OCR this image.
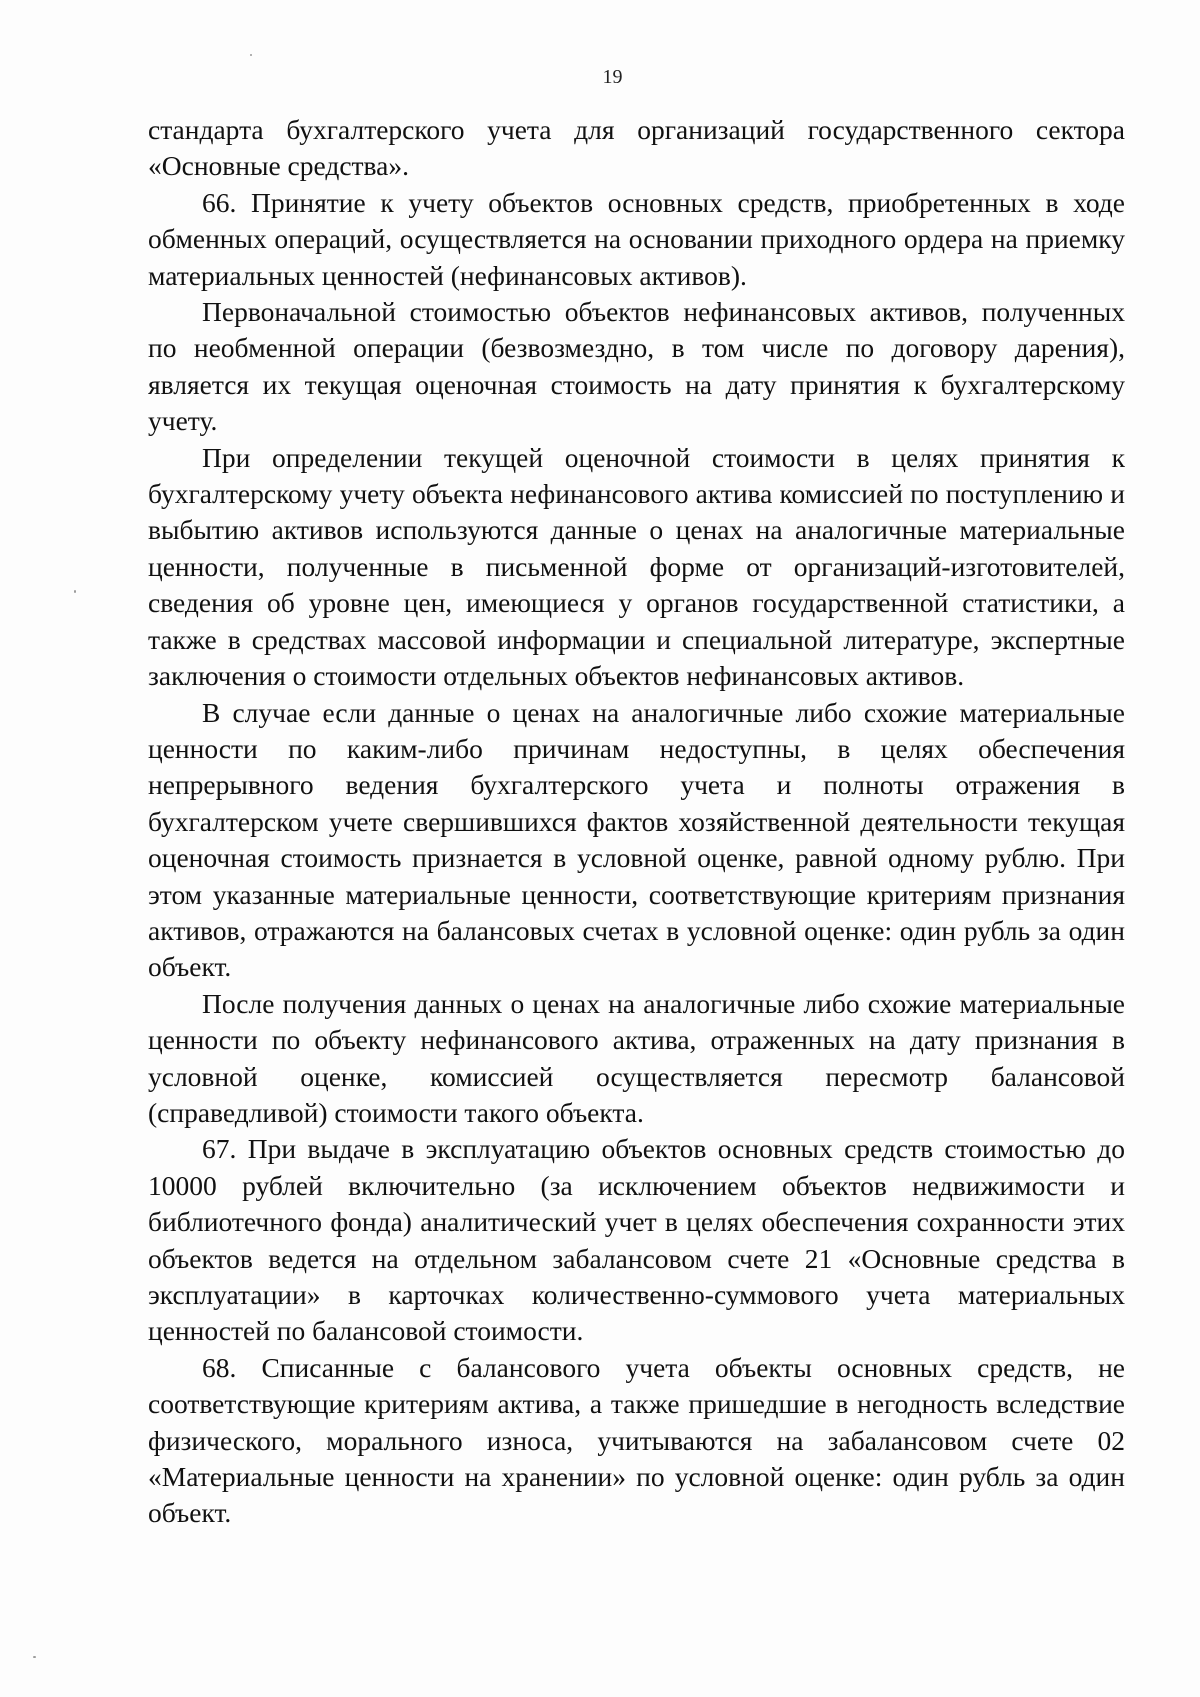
19

стандарта бухгалтерского учета для организаций государственного сектора «Основные средства».

66. Принятие к учету объектов основных средств, приобретенных в ходе обменных операций, осуществляется на основании приходного ордера на приемку материальных ценностей (нефинансовых активов).

Первоначальной стоимостью объектов нефинансовых активов, полученных по необменной операции (безвозмездно, в том числе по договору дарения), является их текущая оценочная стоимость на дату принятия к бухгалтерскому учету.

При определении текущей оценочной стоимости в целях принятия к бухгалтерскому учету объекта нефинансового актива комиссией по поступлению и выбытию активов используются данные о ценах на аналогичные материальные ценности, полученные в письменной форме от организаций-изготовителей, сведения об уровне цен, имеющиеся у органов государственной статистики, а также в средствах массовой информации и специальной литературе, экспертные заключения о стоимости отдельных объектов нефинансовых активов.

В случае если данные о ценах на аналогичные либо схожие материальные ценности по каким-либо причинам недоступны, в целях обеспечения непрерывного ведения бухгалтерского учета и полноты отражения в бухгалтерском учете свершившихся фактов хозяйственной деятельности текущая оценочная стоимость признается в условной оценке, равной одному рублю. При этом указанные материальные ценности, соответствующие критериям признания активов, отражаются на балансовых счетах в условной оценке: один рубль за один объект.

После получения данных о ценах на аналогичные либо схожие материальные ценности по объекту нефинансового актива, отраженных на дату признания в условной оценке, комиссией осуществляется пересмотр балансовой (справедливой) стоимости такого объекта.

67. При выдаче в эксплуатацию объектов основных средств стоимостью до 10000 рублей включительно (за исключением объектов недвижимости и библиотечного фонда) аналитический учет в целях обеспечения сохранности этих объектов ведется на отдельном забалансовом счете 21 «Основные средства в эксплуатации» в карточках количественно-суммового учета материальных ценностей по балансовой стоимости.

68. Списанные с балансового учета объекты основных средств, не соответствующие критериям актива, а также пришедшие в негодность вследствие физического, морального износа, учитываются на забалансовом счете 02 «Материальные ценности на хранении» по условной оценке: один рубль за один объект.
